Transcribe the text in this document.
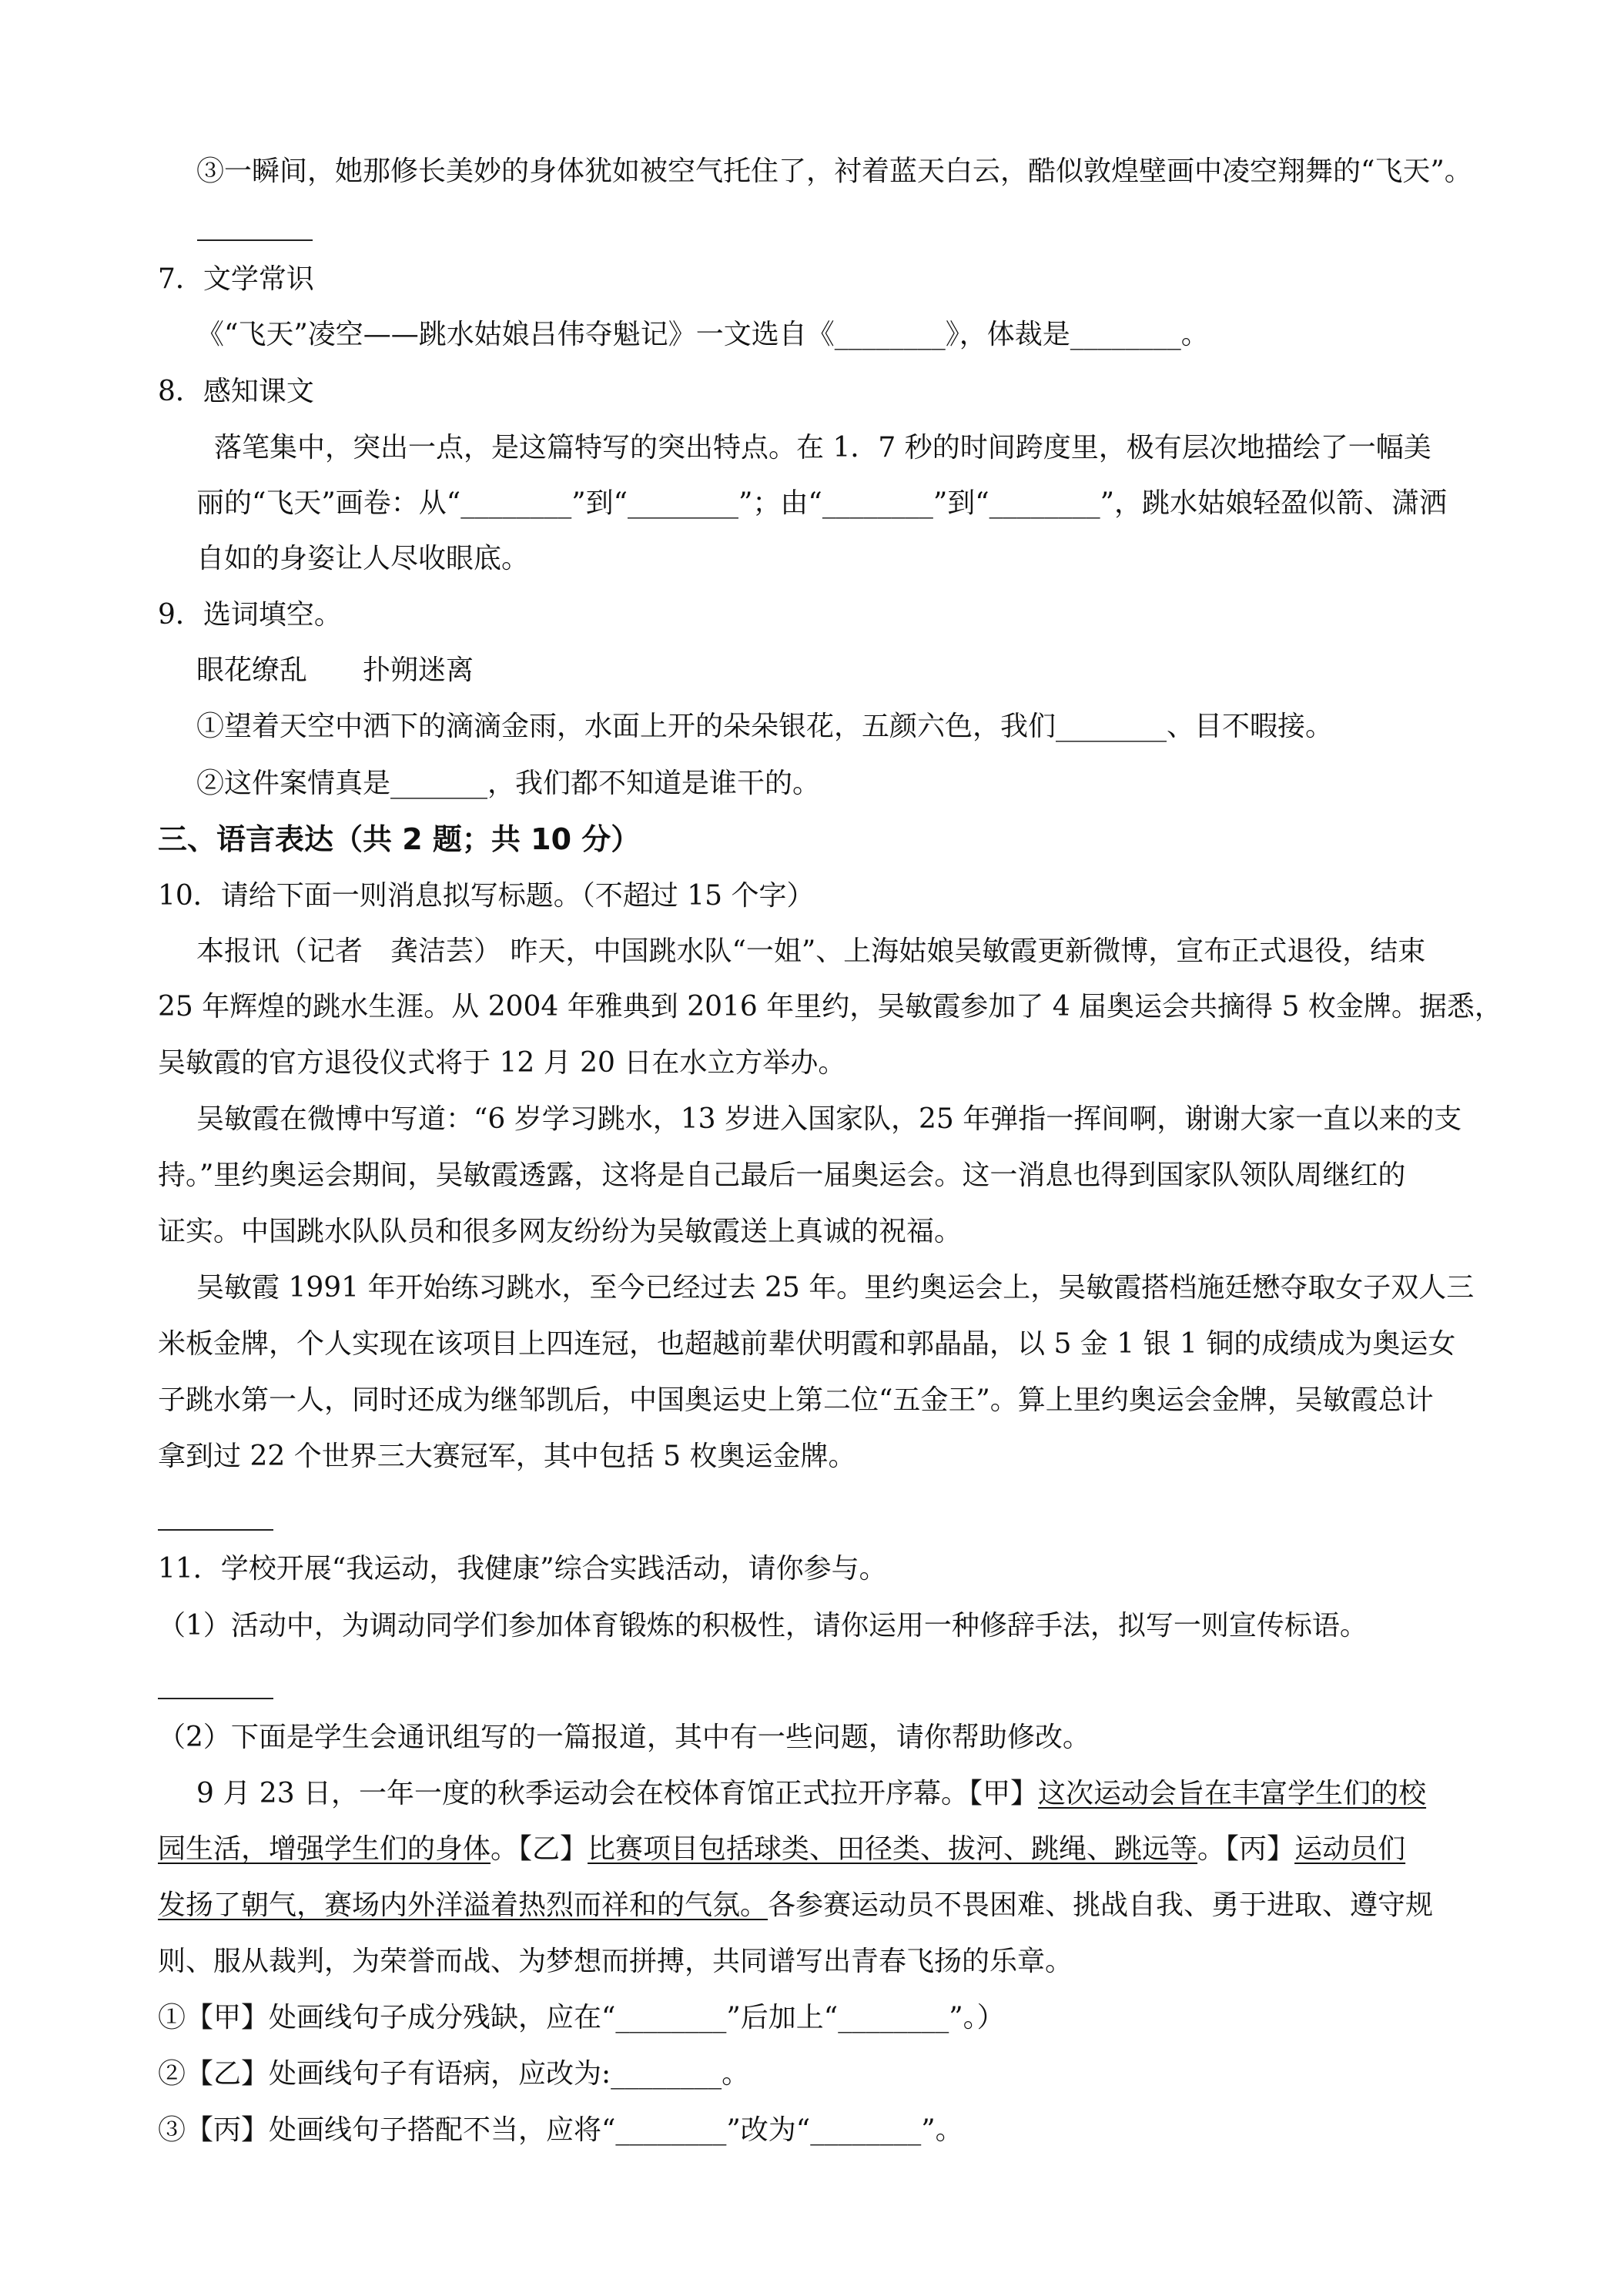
③一瞬间，她那修长美妙的身体犹如被空气托住了，衬着蓝天白云，酷似敦煌壁画中凌空翔舞的“飞天”。
7．文学常识
《“飞天”凌空——跳水姑娘吕伟夺魁记》一文选自《________》，体裁是________。
8．感知课文
落笔集中，突出一点，是这篇特写的突出特点。在 1．7 秒的时间跨度里，极有层次地描绘了一幅美
丽的“飞天”画卷：从“________”到“________”；由“________”到“________”，跳水姑娘轻盈似箭、潇洒
自如的身姿让人尽收眼底。
9．选词填空。
眼花缭乱　　扑朔迷离
①望着天空中洒下的滴滴金雨，水面上开的朵朵银花，五颜六色，我们________、目不暇接。
②这件案情真是_______，我们都不知道是谁干的。
三、语言表达（共 2 题；共 10 分）
10．请给下面一则消息拟写标题。（不超过 15 个字）
本报讯（记者　龚洁芸） 昨天，中国跳水队“一姐”、上海姑娘吴敏霞更新微博，宣布正式退役，结束
25 年辉煌的跳水生涯。从 2004 年雅典到 2016 年里约，吴敏霞参加了 4 届奥运会共摘得 5 枚金牌。据悉，
吴敏霞的官方退役仪式将于 12 月 20 日在水立方举办。
吴敏霞在微博中写道：“6 岁学习跳水，13 岁进入国家队，25 年弹指一挥间啊，谢谢大家一直以来的支
持。”里约奥运会期间，吴敏霞透露，这将是自己最后一届奥运会。这一消息也得到国家队领队周继红的
证实。中国跳水队队员和很多网友纷纷为吴敏霞送上真诚的祝福。
吴敏霞 1991 年开始练习跳水，至今已经过去 25 年。里约奥运会上，吴敏霞搭档施廷懋夺取女子双人三
米板金牌，个人实现在该项目上四连冠，也超越前辈伏明霞和郭晶晶，以 5 金 1 银 1 铜的成绩成为奥运女
子跳水第一人，同时还成为继邹凯后，中国奥运史上第二位“五金王”。算上里约奥运会金牌，吴敏霞总计
拿到过 22 个世界三大赛冠军，其中包括 5 枚奥运金牌。
11．学校开展“我运动，我健康”综合实践活动，请你参与。
（1）活动中，为调动同学们参加体育锻炼的积极性，请你运用一种修辞手法，拟写一则宣传标语。
（2）下面是学生会通讯组写的一篇报道，其中有一些问题，请你帮助修改。
9 月 23 日，一年一度的秋季运动会在校体育馆正式拉开序幕。【甲】这次运动会旨在丰富学生们的校
园生活，增强学生们的身体。【乙】比赛项目包括球类、田径类、拔河、跳绳、跳远等。【丙】运动员们
发扬了朝气，赛场内外洋溢着热烈而祥和的气氛。各参赛运动员不畏困难、挑战自我、勇于进取、遵守规
则、服从裁判，为荣誉而战、为梦想而拼搏，共同谱写出青春飞扬的乐章。
①【甲】处画线句子成分残缺，应在“________”后加上“________”。）
②【乙】处画线句子有语病，应改为:________。
③【丙】处画线句子搭配不当，应将“________”改为“________”。
